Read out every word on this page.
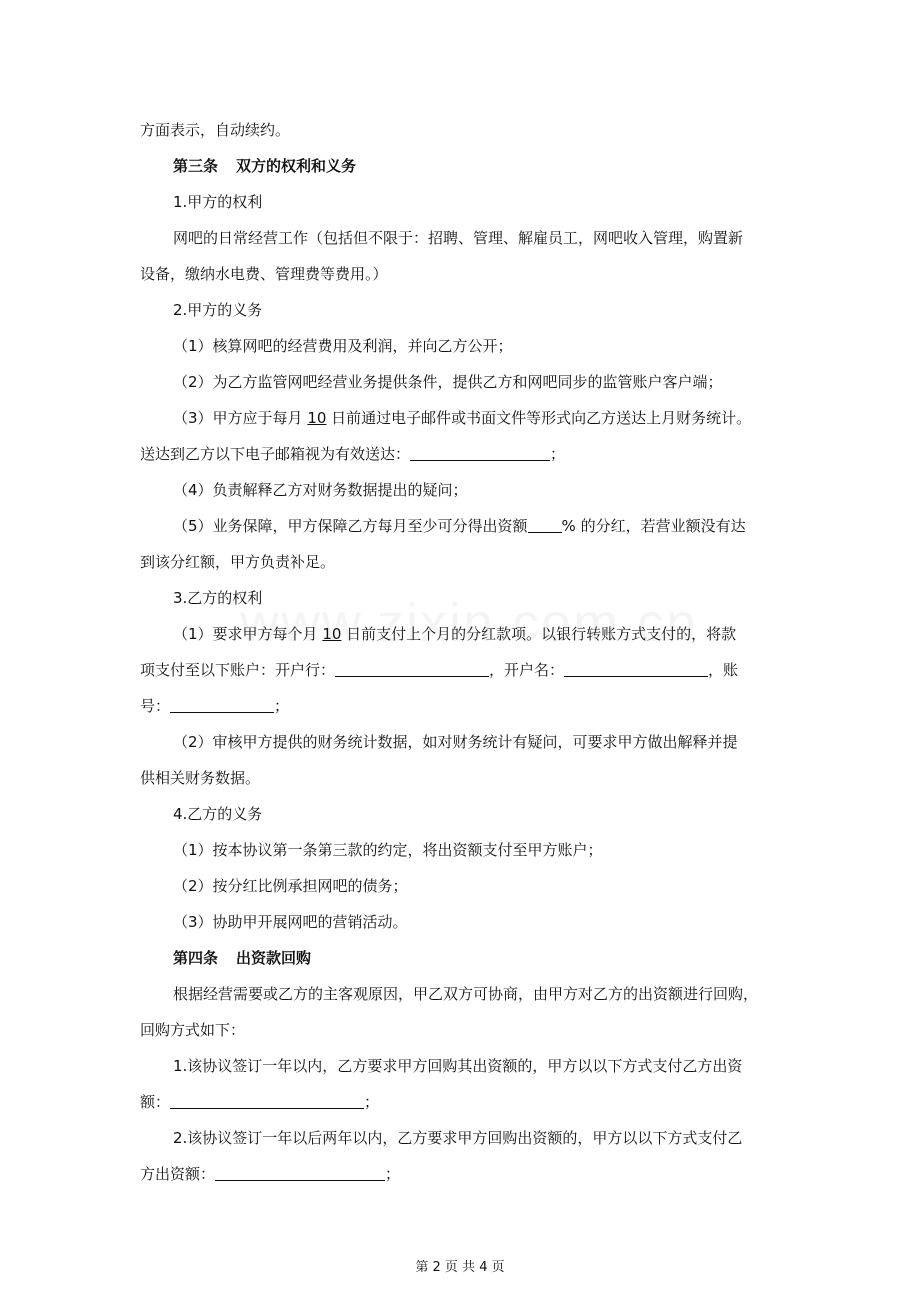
方面表示，自动续约。

第三条 双方的权利和义务

1.甲方的权利

网吧的日常经营工作（包括但不限于：招聘、管理、解雇员工，网吧收入管理，购置新

设备，缴纳水电费、管理费等费用。）

2.甲方的义务

（1）核算网吧的经营费用及利润，并向乙方公开；

（2）为乙方监管网吧经营业务提供条件，提供乙方和网吧同步的监管账户客户端；

（3）甲方应于每月 10 日前通过电子邮件或书面文件等形式向乙方送达上月财务统计。

送达到乙方以下电子邮箱视为有效送达：	；

（4）负责解释乙方对财务数据提出的疑问；

（5）业务保障，甲方保障乙方每月至少可分得出资额 % 的分红，若营业额没有达

到该分红额，甲方负责补足。

3.乙方的权利

（1）要求甲方每个月 10 日前支付上个月的分红款项。以银行转账方式支付的，将款

项支付至以下账户：开户行：	，开户名：	，账

号：	；

（2）审核甲方提供的财务统计数据，如对财务统计有疑问，可要求甲方做出解释并提

供相关财务数据。

4.乙方的义务

（1）按本协议第一条第三款的约定，将出资额支付至甲方账户；

（2）按分红比例承担网吧的债务；

（3）协助甲开展网吧的营销活动。

第四条 出资款回购

根据经营需要或乙方的主客观原因，甲乙双方可协商，由甲方对乙方的出资额进行回购，

回购方式如下：

1.该协议签订一年以内，乙方要求甲方回购其出资额的，甲方以以下方式支付乙方出资

额：	；

2.该协议签订一年以后两年以内，乙方要求甲方回购出资额的，甲方以以下方式支付乙

方出资额：	；

第 2 页 共 4 页
